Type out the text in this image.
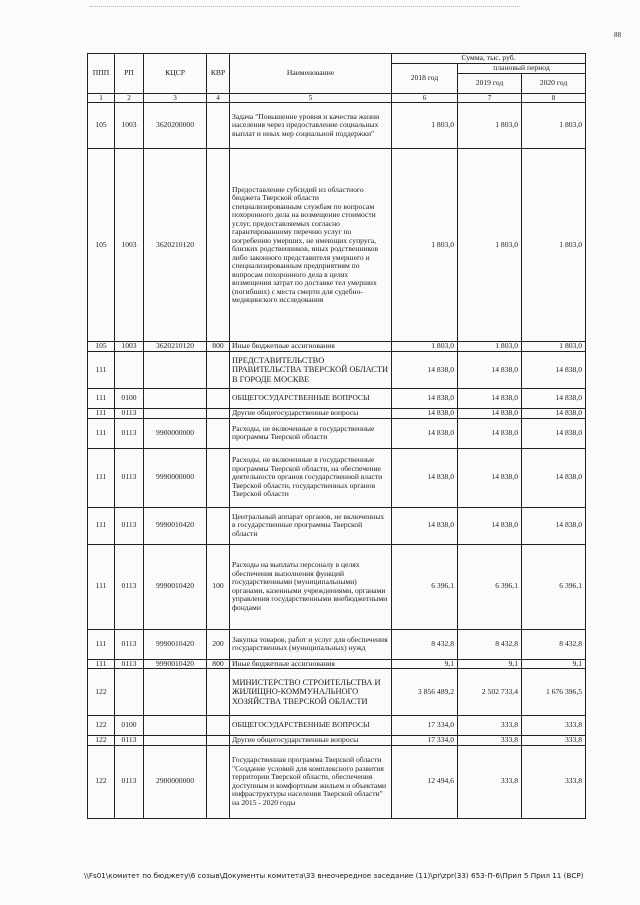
88
ППП	РП	КЦСР	КВР	Наименование	Сумма, тыс. руб.		
					2018 год	плановый период	
						2019 год	2020 год
1	2	3	4	5	6	7	8
105	1003	3620200000		Задача "Повышение уровня и качества жизни населения через предоставление социальных выплат и иных мер социальной поддержки"	1 803,0	1 803,0	1 803,0
105	1003	3620210120		Предоставление субсидий из областного бюджета Тверской области специализированным службам по вопросам похоронного дела на возмещение стоимости услуг, предоставляемых согласно гарантированному перечню услуг по погребению умерших, не имеющих супруга, близких родственников, иных родственников либо законного представителя умершего и специализированным предприятиям по вопросам похоронного дела в целях возмещения затрат по доставке тел умерших (погибших) с места смерти для судебно-медицинского исследования	1 803,0	1 803,0	1 803,0
105	1003	3620210120	800	Иные бюджетные ассигнования	1 803,0	1 803,0	1 803,0
111				ПРЕДСТАВИТЕЛЬСТВО ПРАВИТЕЛЬСТВА ТВЕРСКОЙ ОБЛАСТИ В ГОРОДЕ МОСКВЕ	14 838,0	14 838,0	14 838,0
111	0100			ОБЩЕГОСУДАРСТВЕННЫЕ ВОПРОСЫ	14 838,0	14 838,0	14 838,0
111	0113			Другие общегосударственные вопросы	14 838,0	14 838,0	14 838,0
111	0113	9900000000		Расходы, не включенные в государственные программы Тверской области	14 838,0	14 838,0	14 838,0
111	0113	9990000000		Расходы, не включенные в государственные программы Тверской области, на обеспечение деятельности органов государственной власти Тверской области, государственных органов Тверской области	14 838,0	14 838,0	14 838,0
111	0113	9990010420		Центральный аппарат органов, не включенных в государственные программы Тверской области	14 838,0	14 838,0	14 838,0
111	0113	9990010420	100	Расходы на выплаты персоналу в целях обеспечения выполнения функций государственными (муниципальными) органами, казенными учреждениями, органами управления государственными внебюджетными фондами	6 396,1	6 396,1	6 396,1
111	0113	9990010420	200	Закупка товаров, работ и услуг для обеспечения государственных (муниципальных) нужд	8 432,8	8 432,8	8 432,8
111	0113	9990010420	800	Иные бюджетные ассигнования	9,1	9,1	9,1
122				МИНИСТЕРСТВО СТРОИТЕЛЬСТВА И ЖИЛИЩНО-КОММУНАЛЬНОГО ХОЗЯЙСТВА ТВЕРСКОЙ ОБЛАСТИ	3 856 489,2	2 502 733,4	1 676 396,5
122	0100			ОБЩЕГОСУДАРСТВЕННЫЕ ВОПРОСЫ	17 334,0	333,8	333,8
122	0113			Другие общегосударственные вопросы	17 334,0	333,8	333,8
122	0113	2900000000		Государственная программа Тверской области "Создание условий для комплексного развития территории Тверской области, обеспечения доступным и комфортным жильем и объектами инфраструктуры населения Тверской области" на 2015 - 2020 годы	12 494,6	333,8	333,8
\\Fs01\комитет по бюджету\6 созыв\Документы комитета\33 внеочередное заседание (11)\pr\zpr(33) 653-П-6\Прил 5 Прил 11 (ВСР)
